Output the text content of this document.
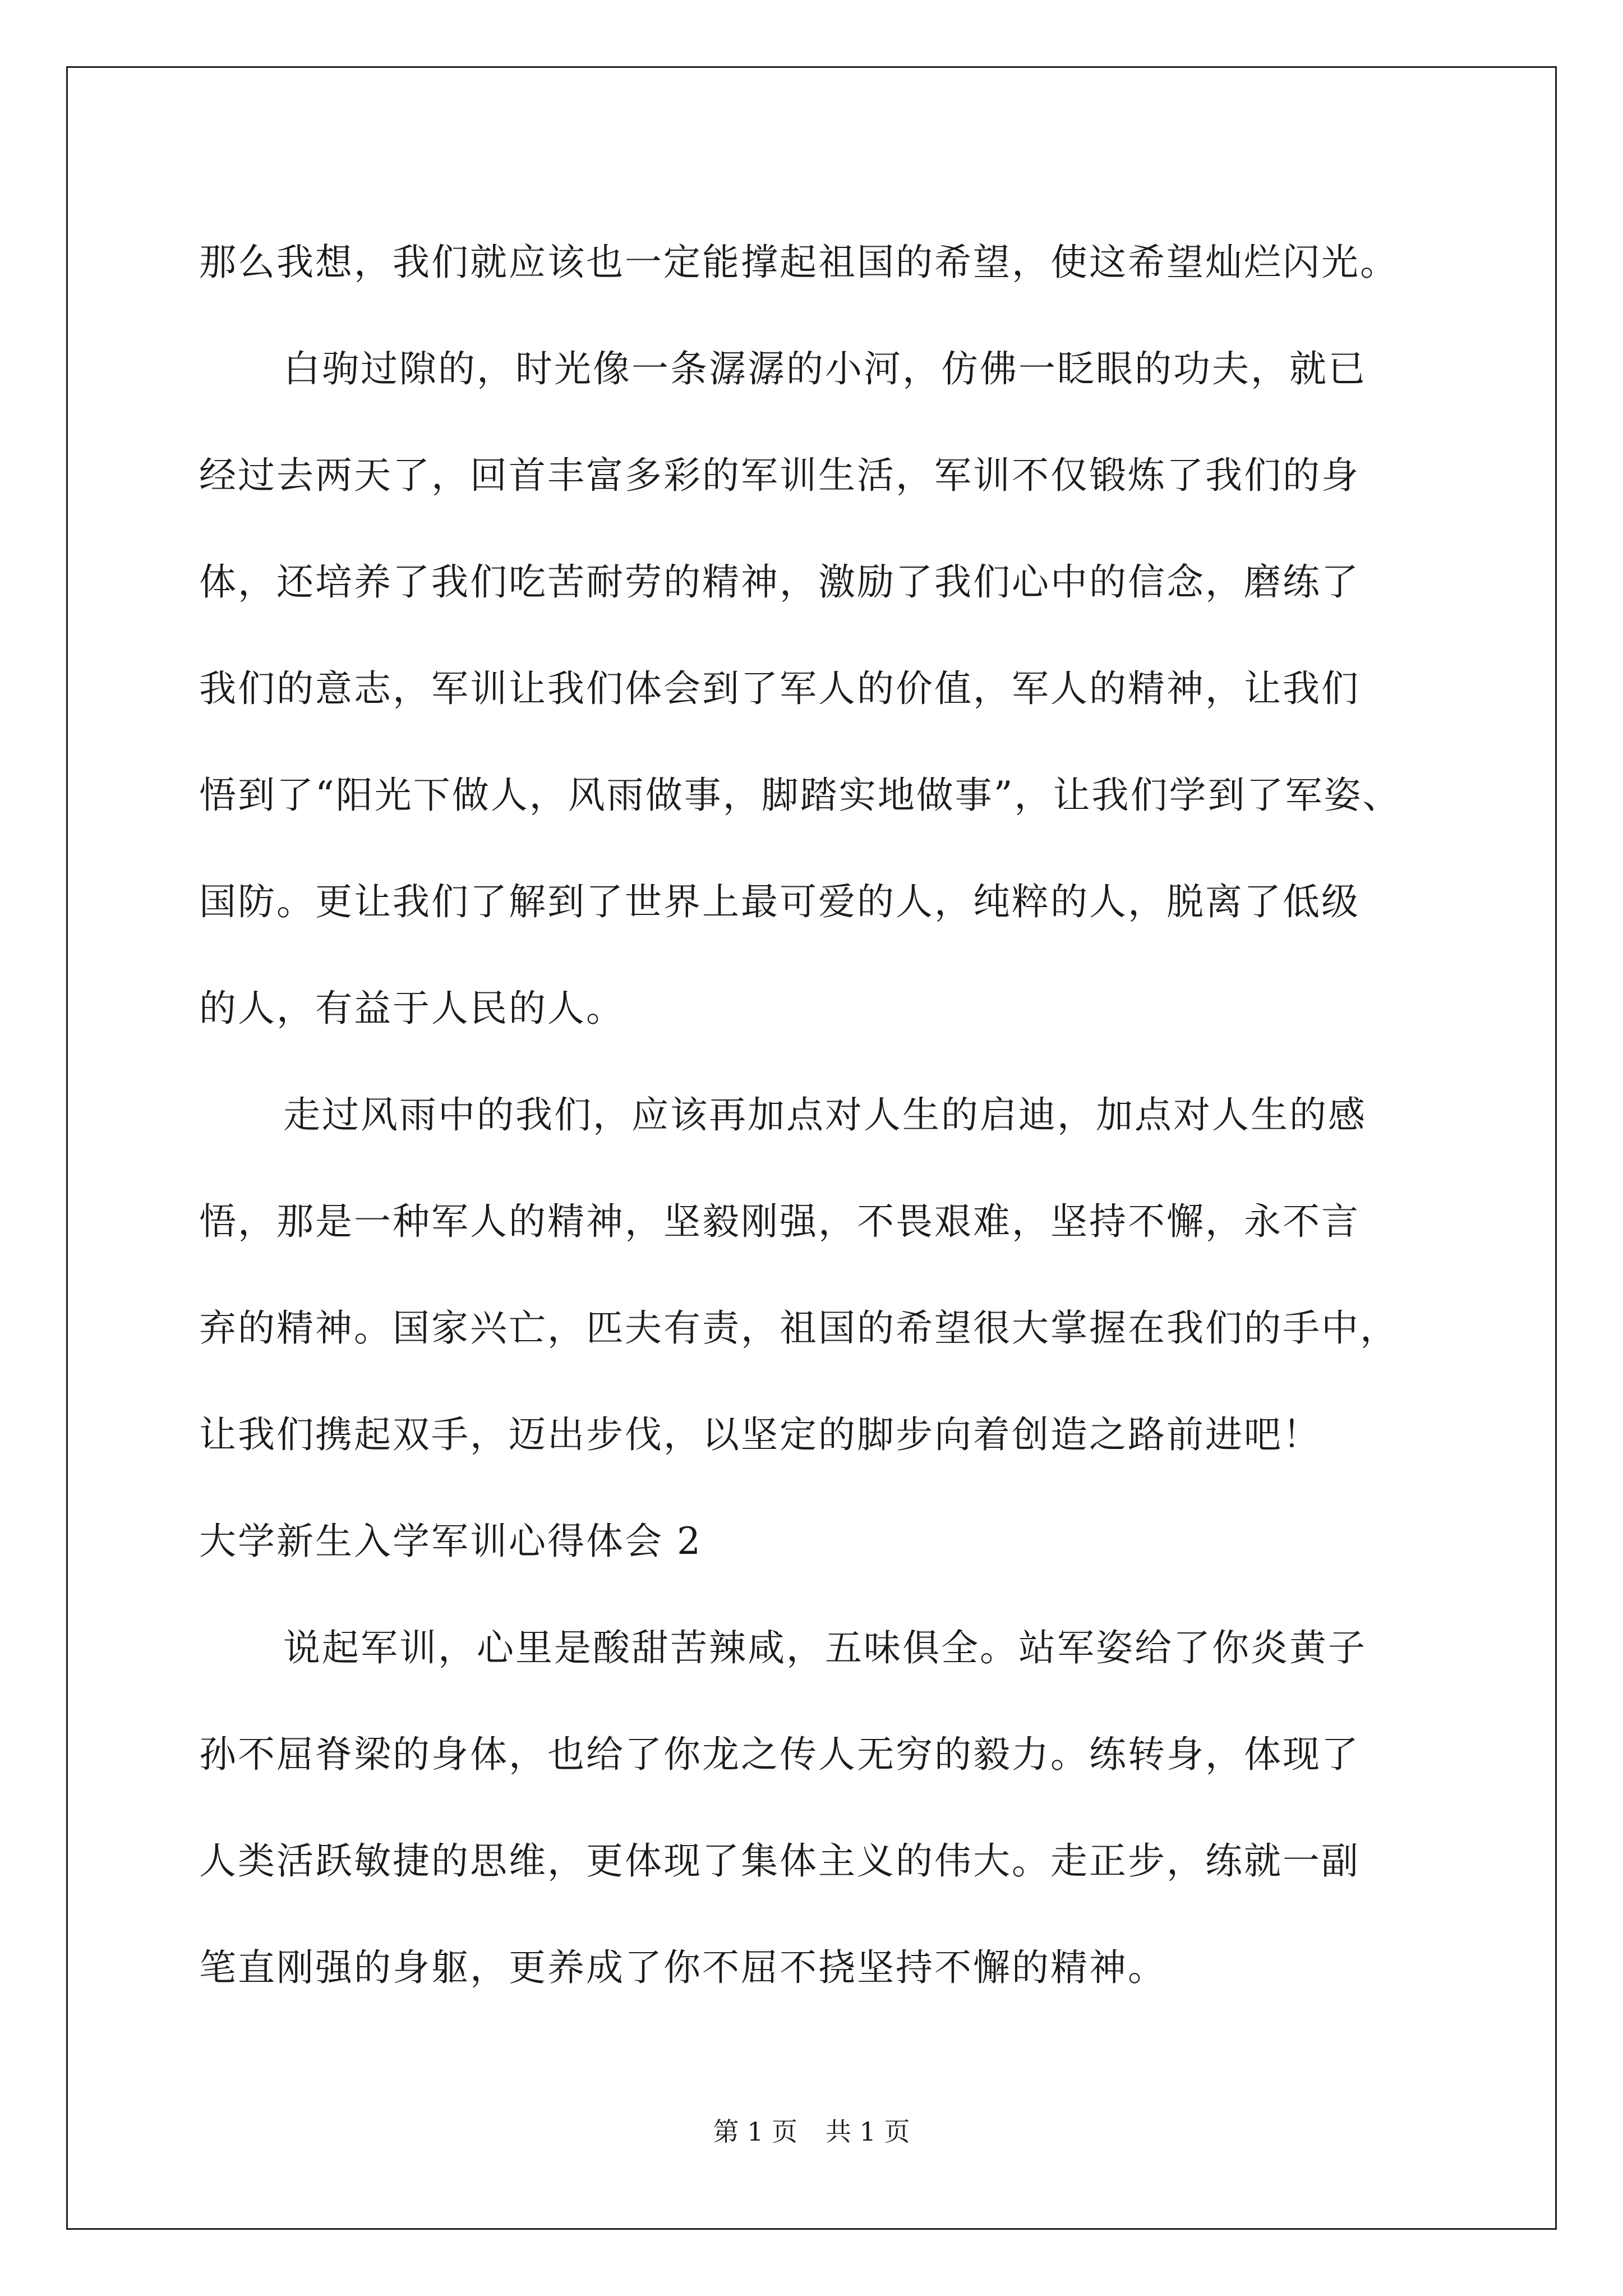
那么我想，我们就应该也一定能撑起祖国的希望，使这希望灿烂闪光。
白驹过隙的，时光像一条潺潺的小河，仿佛一眨眼的功夫，就已
经过去两天了，回首丰富多彩的军训生活，军训不仅锻炼了我们的身
体，还培养了我们吃苦耐劳的精神，激励了我们心中的信念，磨练了
我们的意志，军训让我们体会到了军人的价值，军人的精神，让我们
悟到了“阳光下做人，风雨做事，脚踏实地做事”，让我们学到了军姿、
国防。更让我们了解到了世界上最可爱的人，纯粹的人，脱离了低级
的人，有益于人民的人。
走过风雨中的我们，应该再加点对人生的启迪，加点对人生的感
悟，那是一种军人的精神，坚毅刚强，不畏艰难，坚持不懈，永不言
弃的精神。国家兴亡，匹夫有责，祖国的希望很大掌握在我们的手中，
让我们携起双手，迈出步伐，以坚定的脚步向着创造之路前进吧！
大学新生入学军训心得体会 2
说起军训，心里是酸甜苦辣咸，五味俱全。站军姿给了你炎黄子
孙不屈脊梁的身体，也给了你龙之传人无穷的毅力。练转身，体现了
人类活跃敏捷的思维，更体现了集体主义的伟大。走正步，练就一副
笔直刚强的身躯，更养成了你不屈不挠坚持不懈的精神。
第 1 页 共 1 页
